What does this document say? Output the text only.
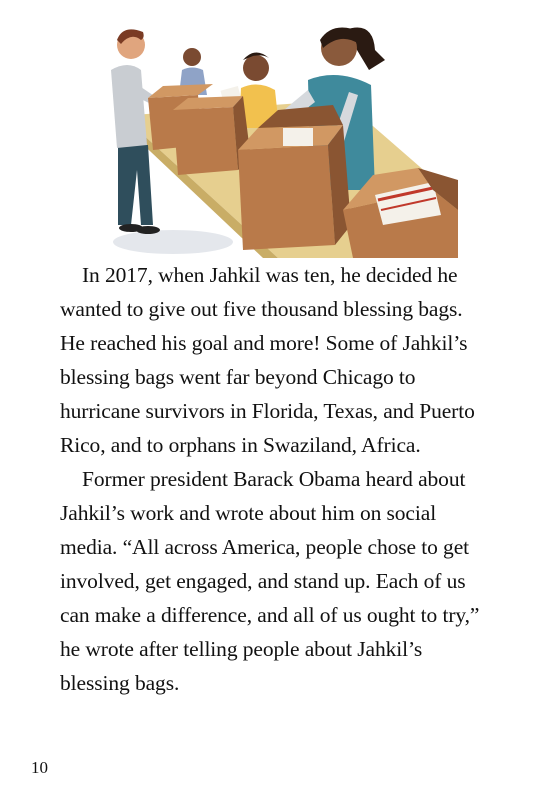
In 2017, when Jahkil was ten, he decided he wanted to give out five thousand blessing bags. He reached his goal and more! Some of Jahkil’s blessing bags went far beyond Chicago to hurricane survivors in Florida, Texas, and Puerto Rico, and to orphans in Swaziland, Africa.

Former president Barack Obama heard about Jahkil’s work and wrote about him on social media. “All across America, people chose to get involved, get engaged, and stand up. Each of us can make a difference, and all of us ought to try,” he wrote after telling people about Jahkil’s blessing bags.

10
